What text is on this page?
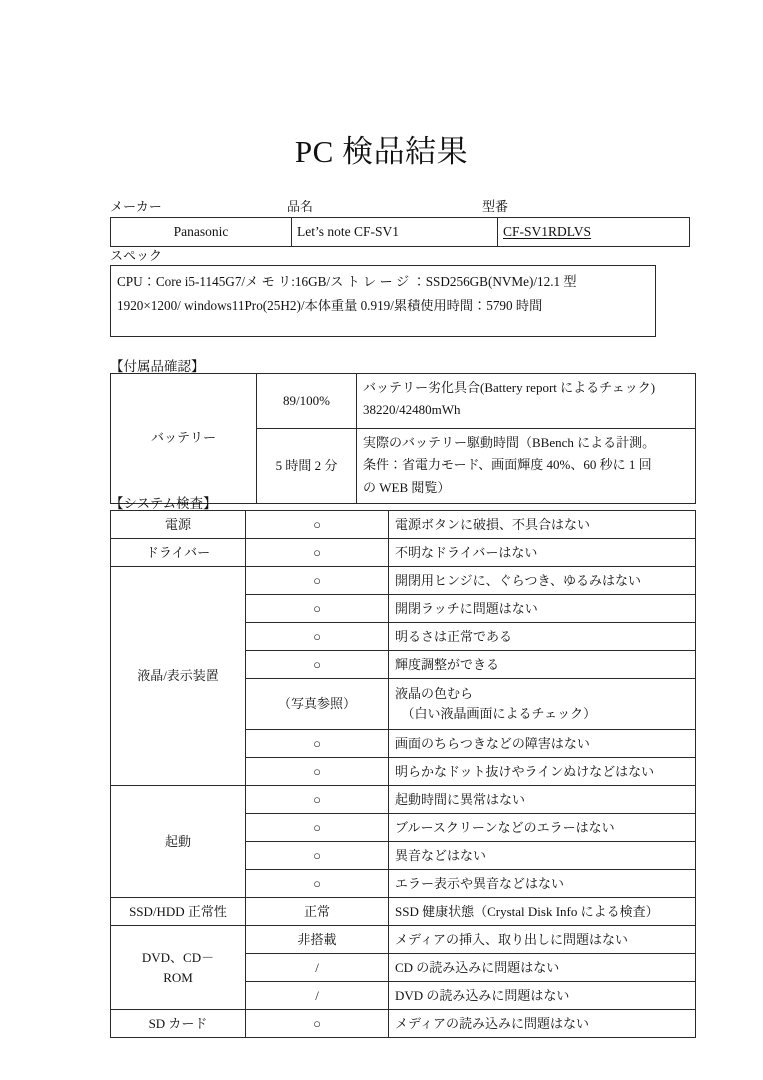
PC 検品結果
メーカー	品名	型番
Panasonic	Let’s note CF-SV1	CF-SV1RDLVS
スペック
CPU：Core i5-1145G7/メ モ リ:16GB/ス ト レ ー ジ ：SSD256GB(NVMe)/12.1 型
1920×1200/ windows11Pro(25H2)/本体重量 0.919/累積使用時間：5790 時間
【付属品確認】
バッテリー	89/100%	バッテリー劣化具合(Battery report によるチェック)
38220/42480mWh

	5 時間 2 分	実際のバッテリー駆動時間（BBench による計測。
条件：省電力モード、画面輝度 40%、60 秒に 1 回
の WEB 閲覧）
【システム検査】
電源	○	電源ボタンに破損、不具合はない
ドライバー	○	不明なドライバーはない
液晶/表示装置	○	開閉用ヒンジに、ぐらつき、ゆるみはない
	○	開閉ラッチに問題はない
	○	明るさは正常である
	○	輝度調整ができる
	（写真参照）	液晶の色むら
　（白い液晶画面によるチェック）

	○	画面のちらつきなどの障害はない
	○	明らかなドット抜けやラインぬけなどはない
起動	○	起動時間に異常はない
	○	ブルースクリーンなどのエラーはない
	○	異音などはない
	○	エラー表示や異音などはない
SSD/HDD 正常性	正常	SSD 健康状態（Crystal Disk Info による検査）

DVD、CD－
ROM	非搭載	メディアの挿入、取り出しに問題はない
	/	CD の読み込みに問題はない
	/	DVD の読み込みに問題はない
SD カード	○	メディアの読み込みに問題はない
